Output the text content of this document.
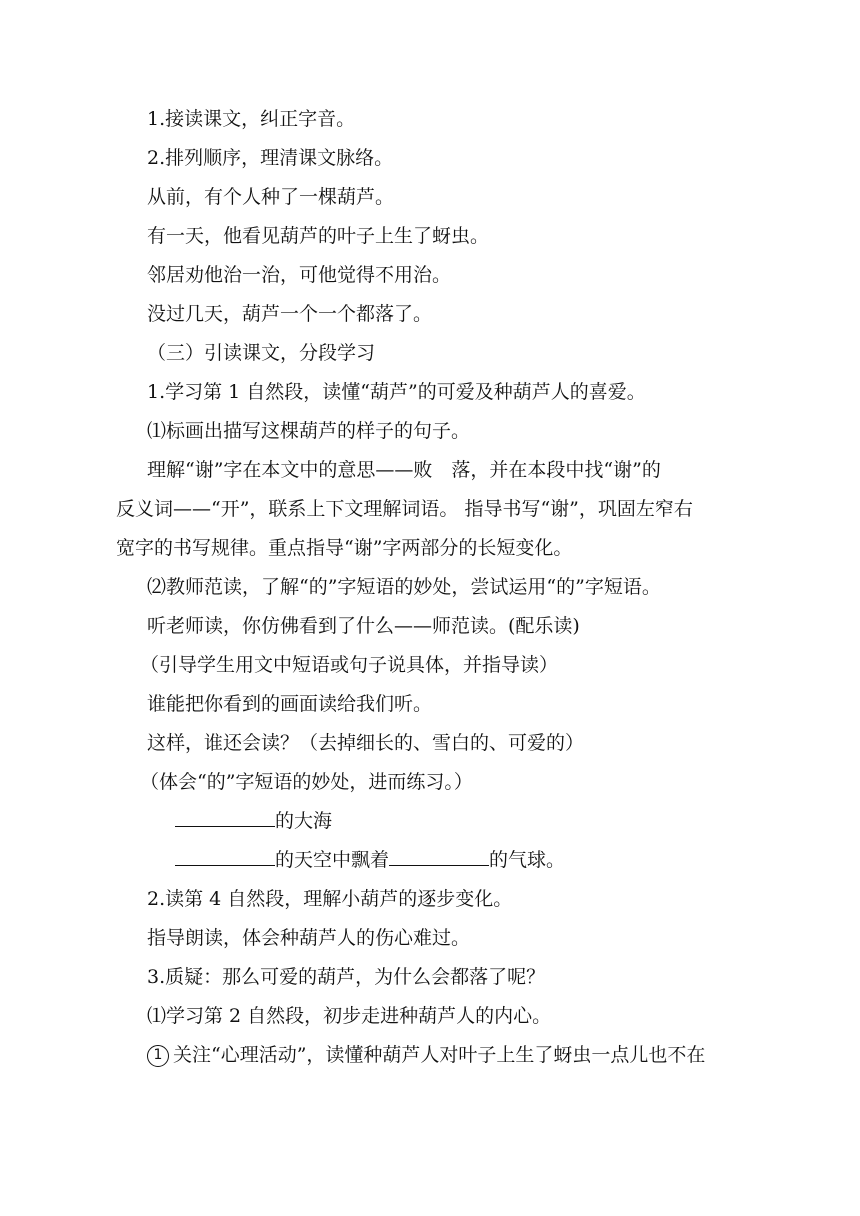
1.接读课文，纠正字音。
2.排列顺序，理清课文脉络。
从前，有个人种了一棵葫芦。
有一天，他看见葫芦的叶子上生了蚜虫。
邻居劝他治一治，可他觉得不用治。
没过几天，葫芦一个一个都落了。
（三）引读课文，分段学习
1.学习第 1 自然段，读懂“葫芦”的可爱及种葫芦人的喜爱。
⑴标画出描写这棵葫芦的样子的句子。
理解“谢”字在本文中的意思——败　落，并在本段中找“谢”的
反义词——“开”，联系上下文理解词语。 指导书写“谢”，巩固左窄右
宽字的书写规律。重点指导“谢”字两部分的长短变化。
⑵教师范读，了解“的”字短语的妙处，尝试运用“的”字短语。
听老师读，你仿佛看到了什么——师范读。(配乐读)
（引导学生用文中短语或句子说具体，并指导读）
谁能把你看到的画面读给我们听。
这样，谁还会读？（去掉细长的、雪白的、可爱的）
（体会“的”字短语的妙处，进而练习。）
的大海
的天空中飘着	的气球。
2.读第 4 自然段，理解小葫芦的逐步变化。
指导朗读，体会种葫芦人的伤心难过。
3.质疑：那么可爱的葫芦，为什么会都落了呢？
⑴学习第 2 自然段，初步走进种葫芦人的内心。
1 关注“心理活动”，读懂种葫芦人对叶子上生了蚜虫一点儿也不在
